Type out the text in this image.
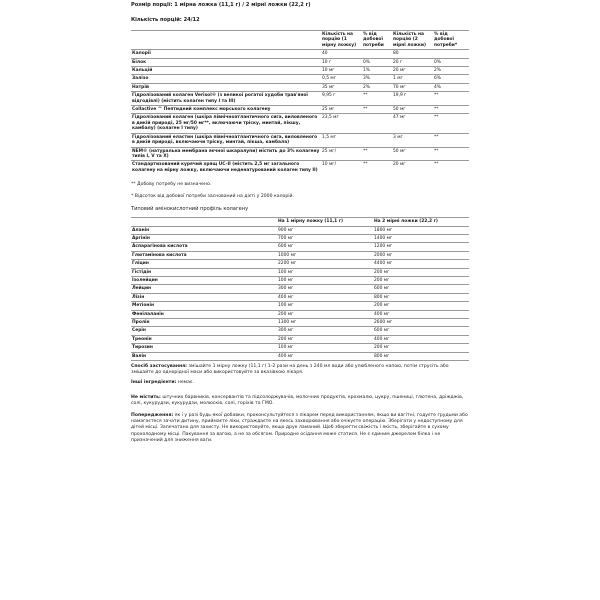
Розмір порції: 1 мірна ложка (11,1 г) / 2 мірні ложки (22,2 г)

Кількість порцій: 24/12

	Кількість на порцію (1 мірну ложку)	% від добової потреби	Кількість на порцію (2 мірні ложки)	% від добової потреби*
Калорії	40		80	
Білок	10 г	0%	20 г	0%
Кальцій	10 мг	1%	20 мг	2%
Залізо	0,5 мг	3%	1 мг	6%
Натрій	35 мг	2%	70 мг	4%
Гідролізований колаген Verisol® (з великої рогатої худоби трав'яної відгодівлі) (містить колаген типу І та ІІІ)	9,95 г	**	19,9 г	**
Collactive ™ Пептидний комплекс морського колагену	25 мг	**	50 мг	**
Гідролізований колаген (шкіра північноатлантичного сига, виловленого в дикій природі, 25 мг/50 мг**, включаючи тріску, минтай, пікшу, камбалу) (колаген І типу)	23,5 мг		47 мг	**
Гідролізований еластин (шкіра північноатлантичного сига, виловленого в дикій природі, включаючи тріску, минтай, пікша, камбала)	1,5 мг		3 мг	**
NEM® (натуральна мембрана яєчної шкаралупи) містить до 3% колагену типів І, V та Х)	25 мг/	**	50 мг	**
Стандартизований курячий хрящ UC-II (містить 2,5 мг загального колагену на мірну ложку, включаючи неденатурований колаген типу ІІ)	10 мг/	**	20 мг	**

** Добову потребу не визначено.

* Відсоток від добової потреби заснований на дієті у 2000 калорій.

Типовий амінокислотний профіль колагену

	На 1 мірну ложку (11,1 г)	На 2 мірні ложки (22,2 г)
Аланін	900 мг	1800 мг
Аргінін	700 мг	1400 мг
Аспарагінова кислота	600 мг	1200 мг
Глютамінова кислота	1000 мг	2000 мг
Гліцин	2200 мг	4400 мг
Гістідін	100 мг	200 мг
Ізолейцин	100 мг	200 мг
Лейцин	300 мг	600 мг
Лізін	400 мг	800 мг
Метіонін	100 мг	200 мг
Фенілаланін	200 мг	400 мг
Пролін	1300 мг	2600 мг
Серін	300 мг	600 мг
Треонін	200 мг	400 мг
Тирозин	100 мг	200 мг
Валін	400 мг	800 мг

Спосіб застосування: змішайте 1 мірну ложку (11,1 г) 1-2 рази на день з 240 мл води або улюбленого напою, потім струсіть або змішайте до однорідної маси або використовуйте за вказівкою лікаря.

Інші інгредієнти: немає.

Не містить: штучних барвників, консервантів та підсолоджувачів, молочних продуктів, крохмалю, цукру, пшениці, глютена, дріжджів, солі, кукурудзи, кукурудзи, молюсків, солі, горіхів та ГМО.

Попередження: як і у разі будь-якої добавки, проконсультуйтеся з лікарем перед використанням, якщо ви вагітні, годуєте грудьми або намагаєтеся зачати дитину, приймаєте ліки, страждаєте на якесь захворювання або очікуєте операцію. Зберігати у недоступному для дітей місці. Запечатано для захисту. Не використовуйте, якщо друк ламаний. Щоб зберегти свіжість і якість, зберігайте в сухому прохолодному місці. Пакування за вагою, а не за обсягом. Природне осідання може статися. Не є єдиним джерелом білка і не призначений для зниження ваги.
